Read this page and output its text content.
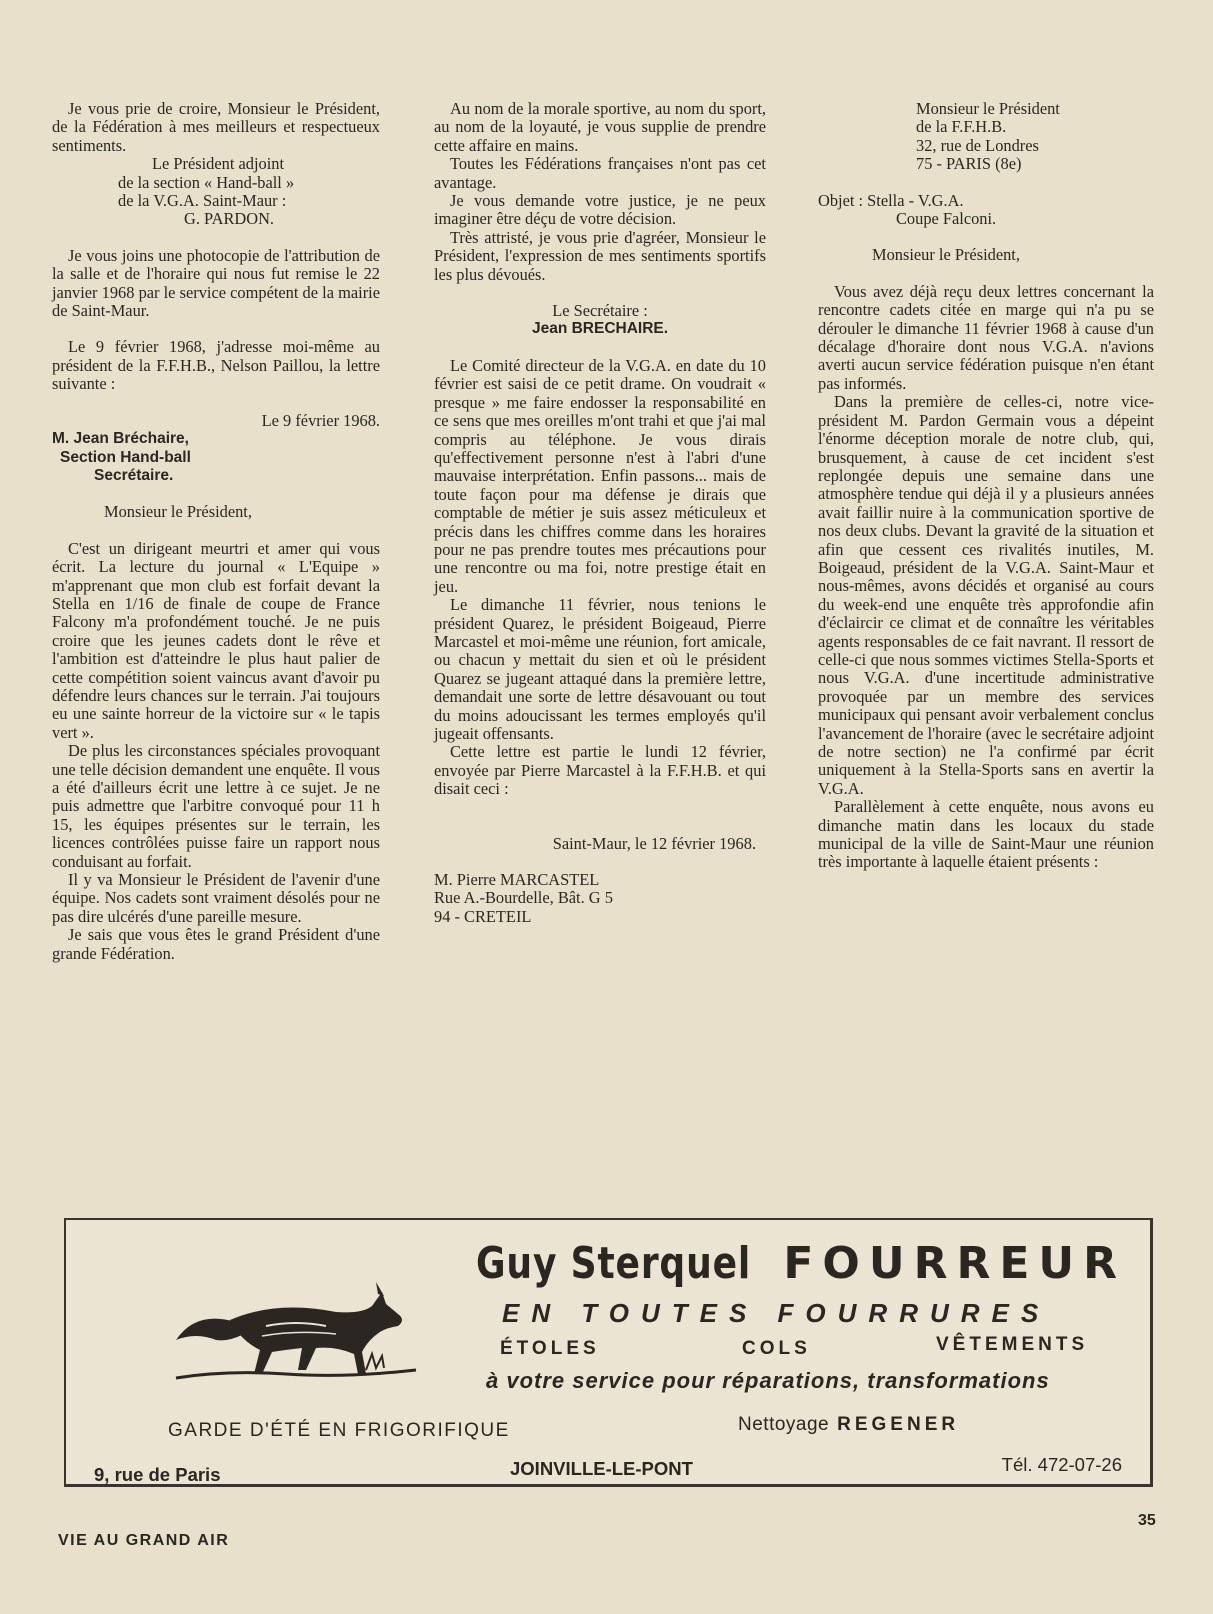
Je vous prie de croire, Monsieur le Président, de la Fédération à mes meilleurs et respectueux sentiments.

Le Président adjoint

de la section « Hand-ball »

de la V.G.A. Saint-Maur :

G. PARDON.

Je vous joins une photocopie de l'attribution de la salle et de l'horaire qui nous fut remise le 22 janvier 1968 par le service compétent de la mairie de Saint-Maur.

Le 9 février 1968, j'adresse moi-même au président de la F.F.H.B., Nelson Paillou, la lettre suivante :

Le 9 février 1968.

M. Jean Bréchaire,

Section Hand-ball

Secrétaire.

Monsieur le Président,

C'est un dirigeant meurtri et amer qui vous écrit. La lecture du journal « L'Equipe » m'apprenant que mon club est forfait devant la Stella en 1/16 de finale de coupe de France Falcony m'a profondément touché. Je ne puis croire que les jeunes cadets dont le rêve et l'ambition est d'atteindre le plus haut palier de cette compétition soient vaincus avant d'avoir pu défendre leurs chances sur le terrain. J'ai toujours eu une sainte horreur de la victoire sur « le tapis vert ».

De plus les circonstances spéciales provoquant une telle décision demandent une enquête. Il vous a été d'ailleurs écrit une lettre à ce sujet. Je ne puis admettre que l'arbitre convoqué pour 11 h 15, les équipes présentes sur le terrain, les licences contrôlées puisse faire un rapport nous conduisant au forfait.

Il y va Monsieur le Président de l'avenir d'une équipe. Nos cadets sont vraiment désolés pour ne pas dire ulcérés d'une pareille mesure.

Je sais que vous êtes le grand Président d'une grande Fédération.

Au nom de la morale sportive, au nom du sport, au nom de la loyauté, je vous supplie de prendre cette affaire en mains.

Toutes les Fédérations françaises n'ont pas cet avantage.

Je vous demande votre justice, je ne peux imaginer être déçu de votre décision.

Très attristé, je vous prie d'agréer, Monsieur le Président, l'expression de mes sentiments sportifs les plus dévoués.

Le Secrétaire :

Jean BRECHAIRE.

Le Comité directeur de la V.G.A. en date du 10 février est saisi de ce petit drame. On voudrait « presque » me faire endosser la responsabilité en ce sens que mes oreilles m'ont trahi et que j'ai mal compris au téléphone. Je vous dirais qu'effectivement personne n'est à l'abri d'une mauvaise interprétation. Enfin passons... mais de toute façon pour ma défense je dirais que comptable de métier je suis assez méticuleux et précis dans les chiffres comme dans les horaires pour ne pas prendre toutes mes précautions pour une rencontre ou ma foi, notre prestige était en jeu.

Le dimanche 11 février, nous tenions le président Quarez, le président Boigeaud, Pierre Marcastel et moi-même une réunion, fort amicale, ou chacun y mettait du sien et où le président Quarez se jugeant attaqué dans la première lettre, demandait une sorte de lettre désavouant ou tout du moins adoucissant les termes employés qu'il jugeait offensants.

Cette lettre est partie le lundi 12 février, envoyée par Pierre Marcastel à la F.F.H.B. et qui disait ceci :

Saint-Maur, le 12 février 1968.

M. Pierre MARCASTEL

Rue A.-Bourdelle, Bât. G 5

94 - CRETEIL

Monsieur le Président

de la F.F.H.B.

32, rue de Londres

75 - PARIS (8e)

Objet : Stella - V.G.A.

Coupe Falconi.

Monsieur le Président,

Vous avez déjà reçu deux lettres concernant la rencontre cadets citée en marge qui n'a pu se dérouler le dimanche 11 février 1968 à cause d'un décalage d'horaire dont nous V.G.A. n'avions averti aucun service fédération puisque n'en étant pas informés.

Dans la première de celles-ci, notre vice-président M. Pardon Germain vous a dépeint l'énorme déception morale de notre club, qui, brusquement, à cause de cet incident s'est replongée depuis une semaine dans une atmosphère tendue qui déjà il y a plusieurs années avait faillir nuire à la communication sportive de nos deux clubs. Devant la gravité de la situation et afin que cessent ces rivalités inutiles, M. Boigeaud, président de la V.G.A. Saint-Maur et nous-mêmes, avons décidés et organisé au cours du week-end une enquête très approfondie afin d'éclaircir ce climat et de connaître les véritables agents responsables de ce fait navrant. Il ressort de celle-ci que nous sommes victimes Stella-Sports et nous V.G.A. d'une incertitude administrative provoquée par un membre des services municipaux qui pensant avoir verbalement conclus l'avancement de l'horaire (avec le secrétaire adjoint de notre section) ne l'a confirmé par écrit uniquement à la Stella-Sports sans en avertir la V.G.A.

Parallèlement à cette enquête, nous avons eu dimanche matin dans les locaux du stade municipal de la ville de Saint-Maur une réunion très importante à laquelle étaient présents :

Guy Sterquel FOURREUR
EN TOUTES FOURRURES
ÉTOLES	COLS	VÊTEMENTS
à votre service pour réparations, transformations
GARDE D'ÉTÉ EN FRIGORIFIQUE	Nettoyage REGENER
9, rue de Paris	JOINVILLE-LE-PONT	Tél. 472-07-26
VIE AU GRAND AIR
35
